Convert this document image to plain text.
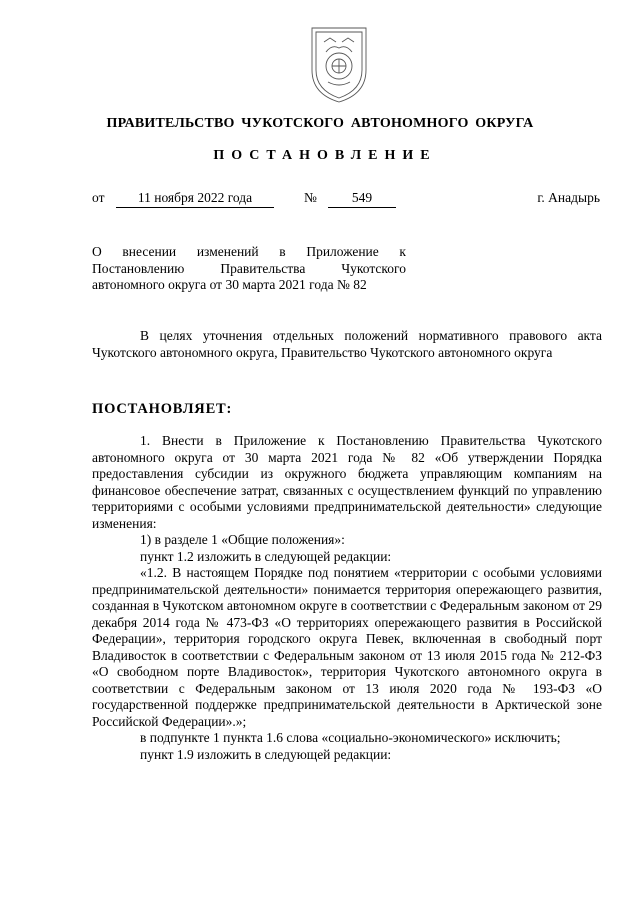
ПРАВИТЕЛЬСТВО ЧУКОТСКОГО АВТОНОМНОГО ОКРУГА
ПОСТАНОВЛЕНИЕ
от	11 ноября 2022 года	№	549	г. Анадырь
О внесении изменений в Приложение к Постановлению Правительства Чукотского автономного округа от 30 марта 2021 года № 82

В целях уточнения отдельных положений нормативного правового акта Чукотского автономного округа, Правительство Чукотского автономного округа

ПОСТАНОВЛЯЕТ:

1. Внести в Приложение к Постановлению Правительства Чукотского автономного округа от 30 марта 2021 года № 82 «Об утверждении Порядка предоставления субсидии из окружного бюджета управляющим компаниям на финансовое обеспечение затрат, связанных с осуществлением функций по управлению территориями с особыми условиями предпринимательской деятельности» следующие изменения:

1) в разделе 1 «Общие положения»:

пункт 1.2 изложить в следующей редакции:

«1.2. В настоящем Порядке под понятием «территории с особыми условиями предпринимательской деятельности» понимается территория опережающего развития, созданная в Чукотском автономном округе в соответствии с Федеральным законом от 29 декабря 2014 года № 473-ФЗ «О территориях опережающего развития в Российской Федерации», территория городского округа Певек, включенная в свободный порт Владивосток в соответствии с Федеральным законом от 13 июля 2015 года № 212-ФЗ «О свободном порте Владивосток», территория Чукотского автономного округа в соответствии с Федеральным законом от 13 июля 2020 года № 193-ФЗ «О государственной поддержке предпринимательской деятельности в Арктической зоне Российской Федерации».»;

в подпункте 1 пункта 1.6 слова «социально-экономического» исключить;

пункт 1.9 изложить в следующей редакции:
